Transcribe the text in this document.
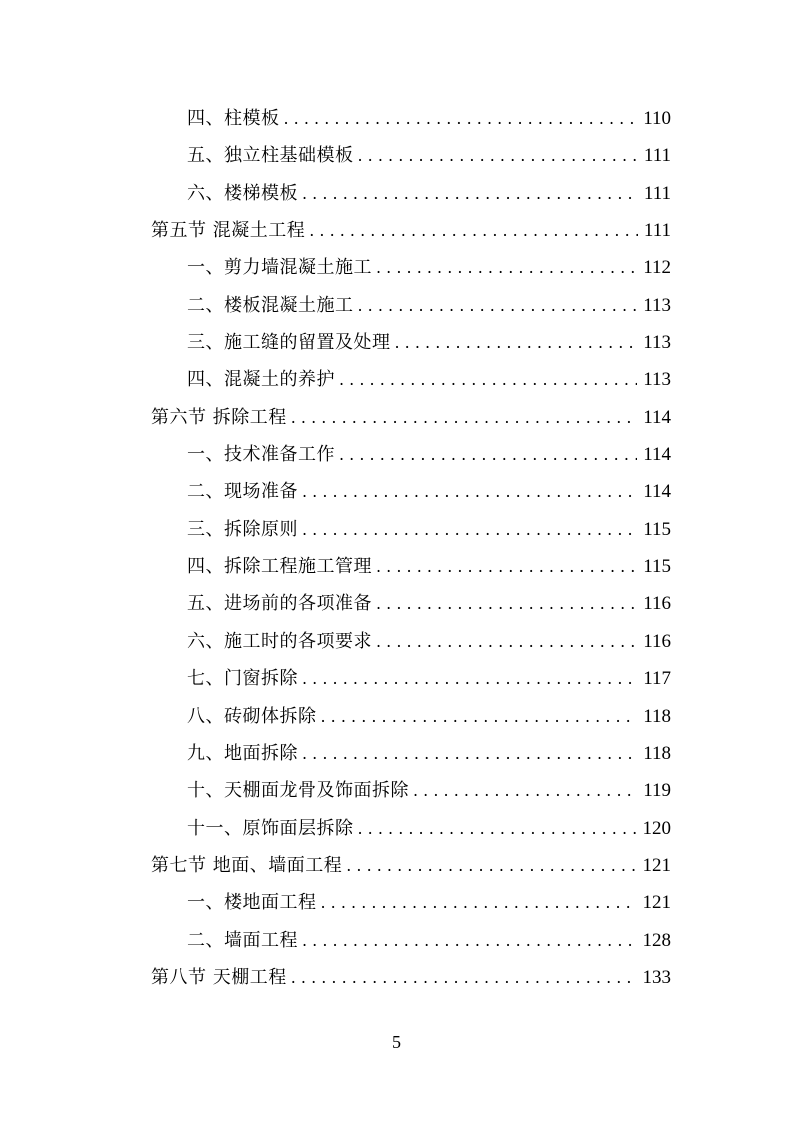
四、柱模板 . . .	110
五、独立柱基础模板 . . .	111
六、楼梯模板 . . .	111
第五节 混凝土工程 . . .	111
一、剪力墙混凝土施工 . . .	112
二、楼板混凝土施工 . . .	113
三、施工缝的留置及处理 . . .	113
四、混凝土的养护 . . .	113
第六节 拆除工程 . . .	114
一、技术准备工作 . . .	114
二、现场准备 . . .	114
三、拆除原则 . . .	115
四、拆除工程施工管理 . . .	115
五、进场前的各项准备 . . .	116
六、施工时的各项要求 . . .	116
七、门窗拆除 . . .	117
八、砖砌体拆除 . . .	118
九、地面拆除 . . .	118
十、天棚面龙骨及饰面拆除 . . .	119
十一、原饰面层拆除 . . .	120
第七节 地面、墙面工程 . . .	121
一、楼地面工程 . . .	121
二、墙面工程 . . .	128
第八节 天棚工程 . . .	133
5
